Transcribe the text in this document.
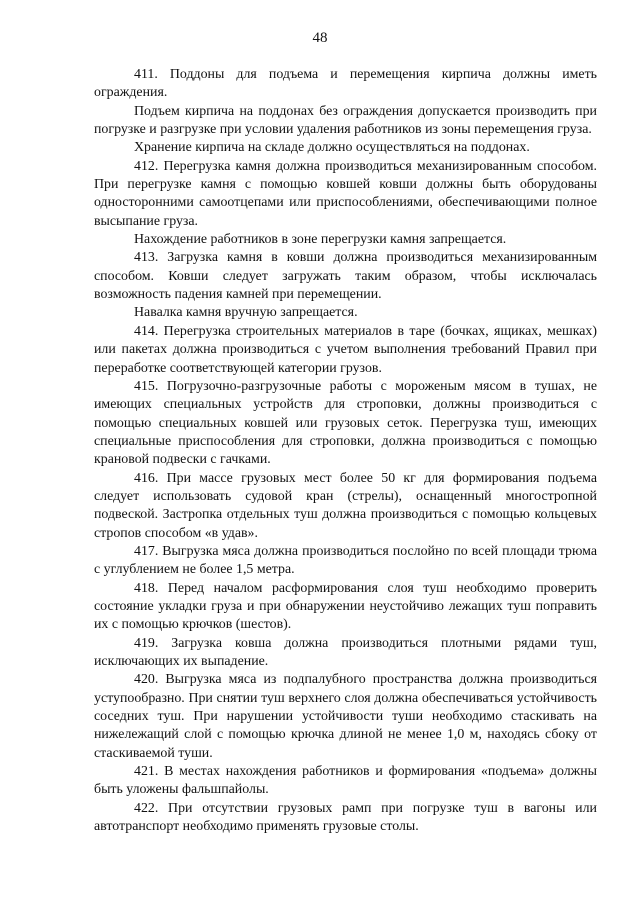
48

411. Поддоны для подъема и перемещения кирпича должны иметь ограждения.

Подъем кирпича на поддонах без ограждения допускается производить при погрузке и разгрузке при условии удаления работников из зоны перемещения груза.

Хранение кирпича на складе должно осуществляться на поддонах.

412. Перегрузка камня должна производиться механизированным способом. При перегрузке камня с помощью ковшей ковши должны быть оборудованы односторонними самоотцепами или приспособлениями, обеспечивающими полное высыпание груза.

Нахождение работников в зоне перегрузки камня запрещается.

413. Загрузка камня в ковши должна производиться механизированным способом. Ковши следует загружать таким образом, чтобы исключалась возможность падения камней при перемещении.

Навалка камня вручную запрещается.

414. Перегрузка строительных материалов в таре (бочках, ящиках, мешках) или пакетах должна производиться с учетом выполнения требований Правил при переработке соответствующей категории грузов.

415. Погрузочно-разгрузочные работы с мороженым мясом в тушах, не имеющих специальных устройств для строповки, должны производиться с помощью специальных ковшей или грузовых сеток. Перегрузка туш, имеющих специальные приспособления для строповки, должна производиться с помощью крановой подвески с гачками.

416. При массе грузовых мест более 50 кг для формирования подъема следует использовать судовой кран (стрелы), оснащенный многостропной подвеской. Застропка отдельных туш должна производиться с помощью кольцевых стропов способом «в удав».

417. Выгрузка мяса должна производиться послойно по всей площади трюма с углублением не более 1,5 метра.

418. Перед началом расформирования слоя туш необходимо проверить состояние укладки груза и при обнаружении неустойчиво лежащих туш поправить их с помощью крючков (шестов).

419. Загрузка ковша должна производиться плотными рядами туш, исключающих их выпадение.

420. Выгрузка мяса из подпалубного пространства должна производиться уступообразно. При снятии туш верхнего слоя должна обеспечиваться устойчивость соседних туш. При нарушении устойчивости туши необходимо стаскивать на нижележащий слой с помощью крючка длиной не менее 1,0 м, находясь сбоку от стаскиваемой туши.

421. В местах нахождения работников и формирования «подъема» должны быть уложены фальшпайолы.

422. При отсутствии грузовых рамп при погрузке туш в вагоны или автотранспорт необходимо применять грузовые столы.
